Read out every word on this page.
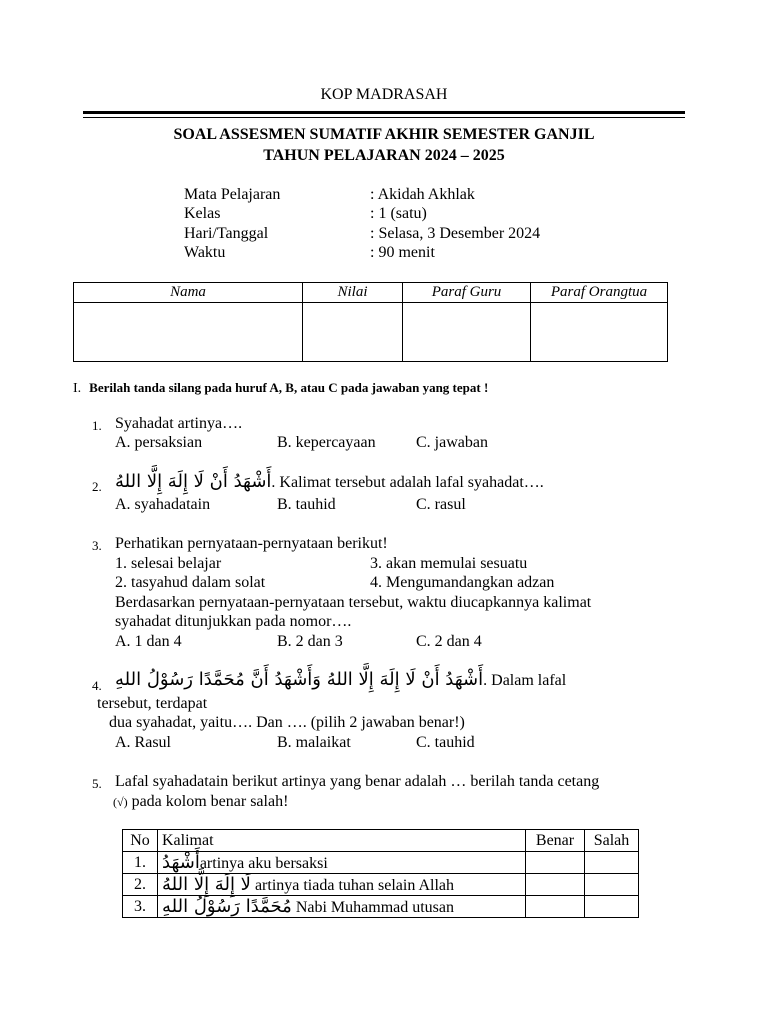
KOP MADRASAH
SOAL ASSESMEN SUMATIF AKHIR SEMESTER GANJIL
TAHUN PELAJARAN 2024 – 2025
Mata Pelajaran	: Akidah Akhlak
Kelas	: 1 (satu)
Hari/Tanggal	: Selasa, 3 Desember 2024
Waktu	: 90 menit
Nama	Nilai	Paraf Guru	Paraf Orangtua

I. Berilah tanda silang pada huruf A, B, atau C pada jawaban yang tepat !
1. Syahadat artinya….
A. persaksian	B. kepercayaan	C. jawaban
2. أَشْهَدُ أَنْ لَا إِلَهَ إِلَّا اللهُ. Kalimat tersebut adalah lafal syahadat….
A. syahadatain	B. tauhid	C. rasul
3. Perhatikan pernyataan-pernyataan berikut!
1. selesai belajar	3. akan memulai sesuatu
2. tasyahud dalam solat	4. Mengumandangkan adzan
Berdasarkan pernyataan-pernyataan tersebut, waktu diucapkannya kalimat
syahadat ditunjukkan pada nomor….
A. 1 dan 4	B. 2 dan 3	C. 2 dan 4
4. أَشْهَدُ أَنْ لَا إِلَهَ إِلَّا اللهُ وَأَشْهَدُ أَنَّ مُحَمَّدًا رَسُوْلُ اللهِ. Dalam lafal
tersebut, terdapat
dua syahadat, yaitu…. Dan …. (pilih 2 jawaban benar!)
A. Rasul	B. malaikat	C. tauhid
5. Lafal syahadatain berikut artinya yang benar adalah … berilah tanda cetang
(√) pada kolom benar salah!
No	Kalimat	Benar	Salah
1.	أَشْهَدُartinya aku bersaksi		
2.	لَا إِلَهَ إِلَّا اللهُ artinya tiada tuhan selain Allah		
3.	مُحَمَّدًا رَسُوْلُ اللهِ Nabi Muhammad utusan		
